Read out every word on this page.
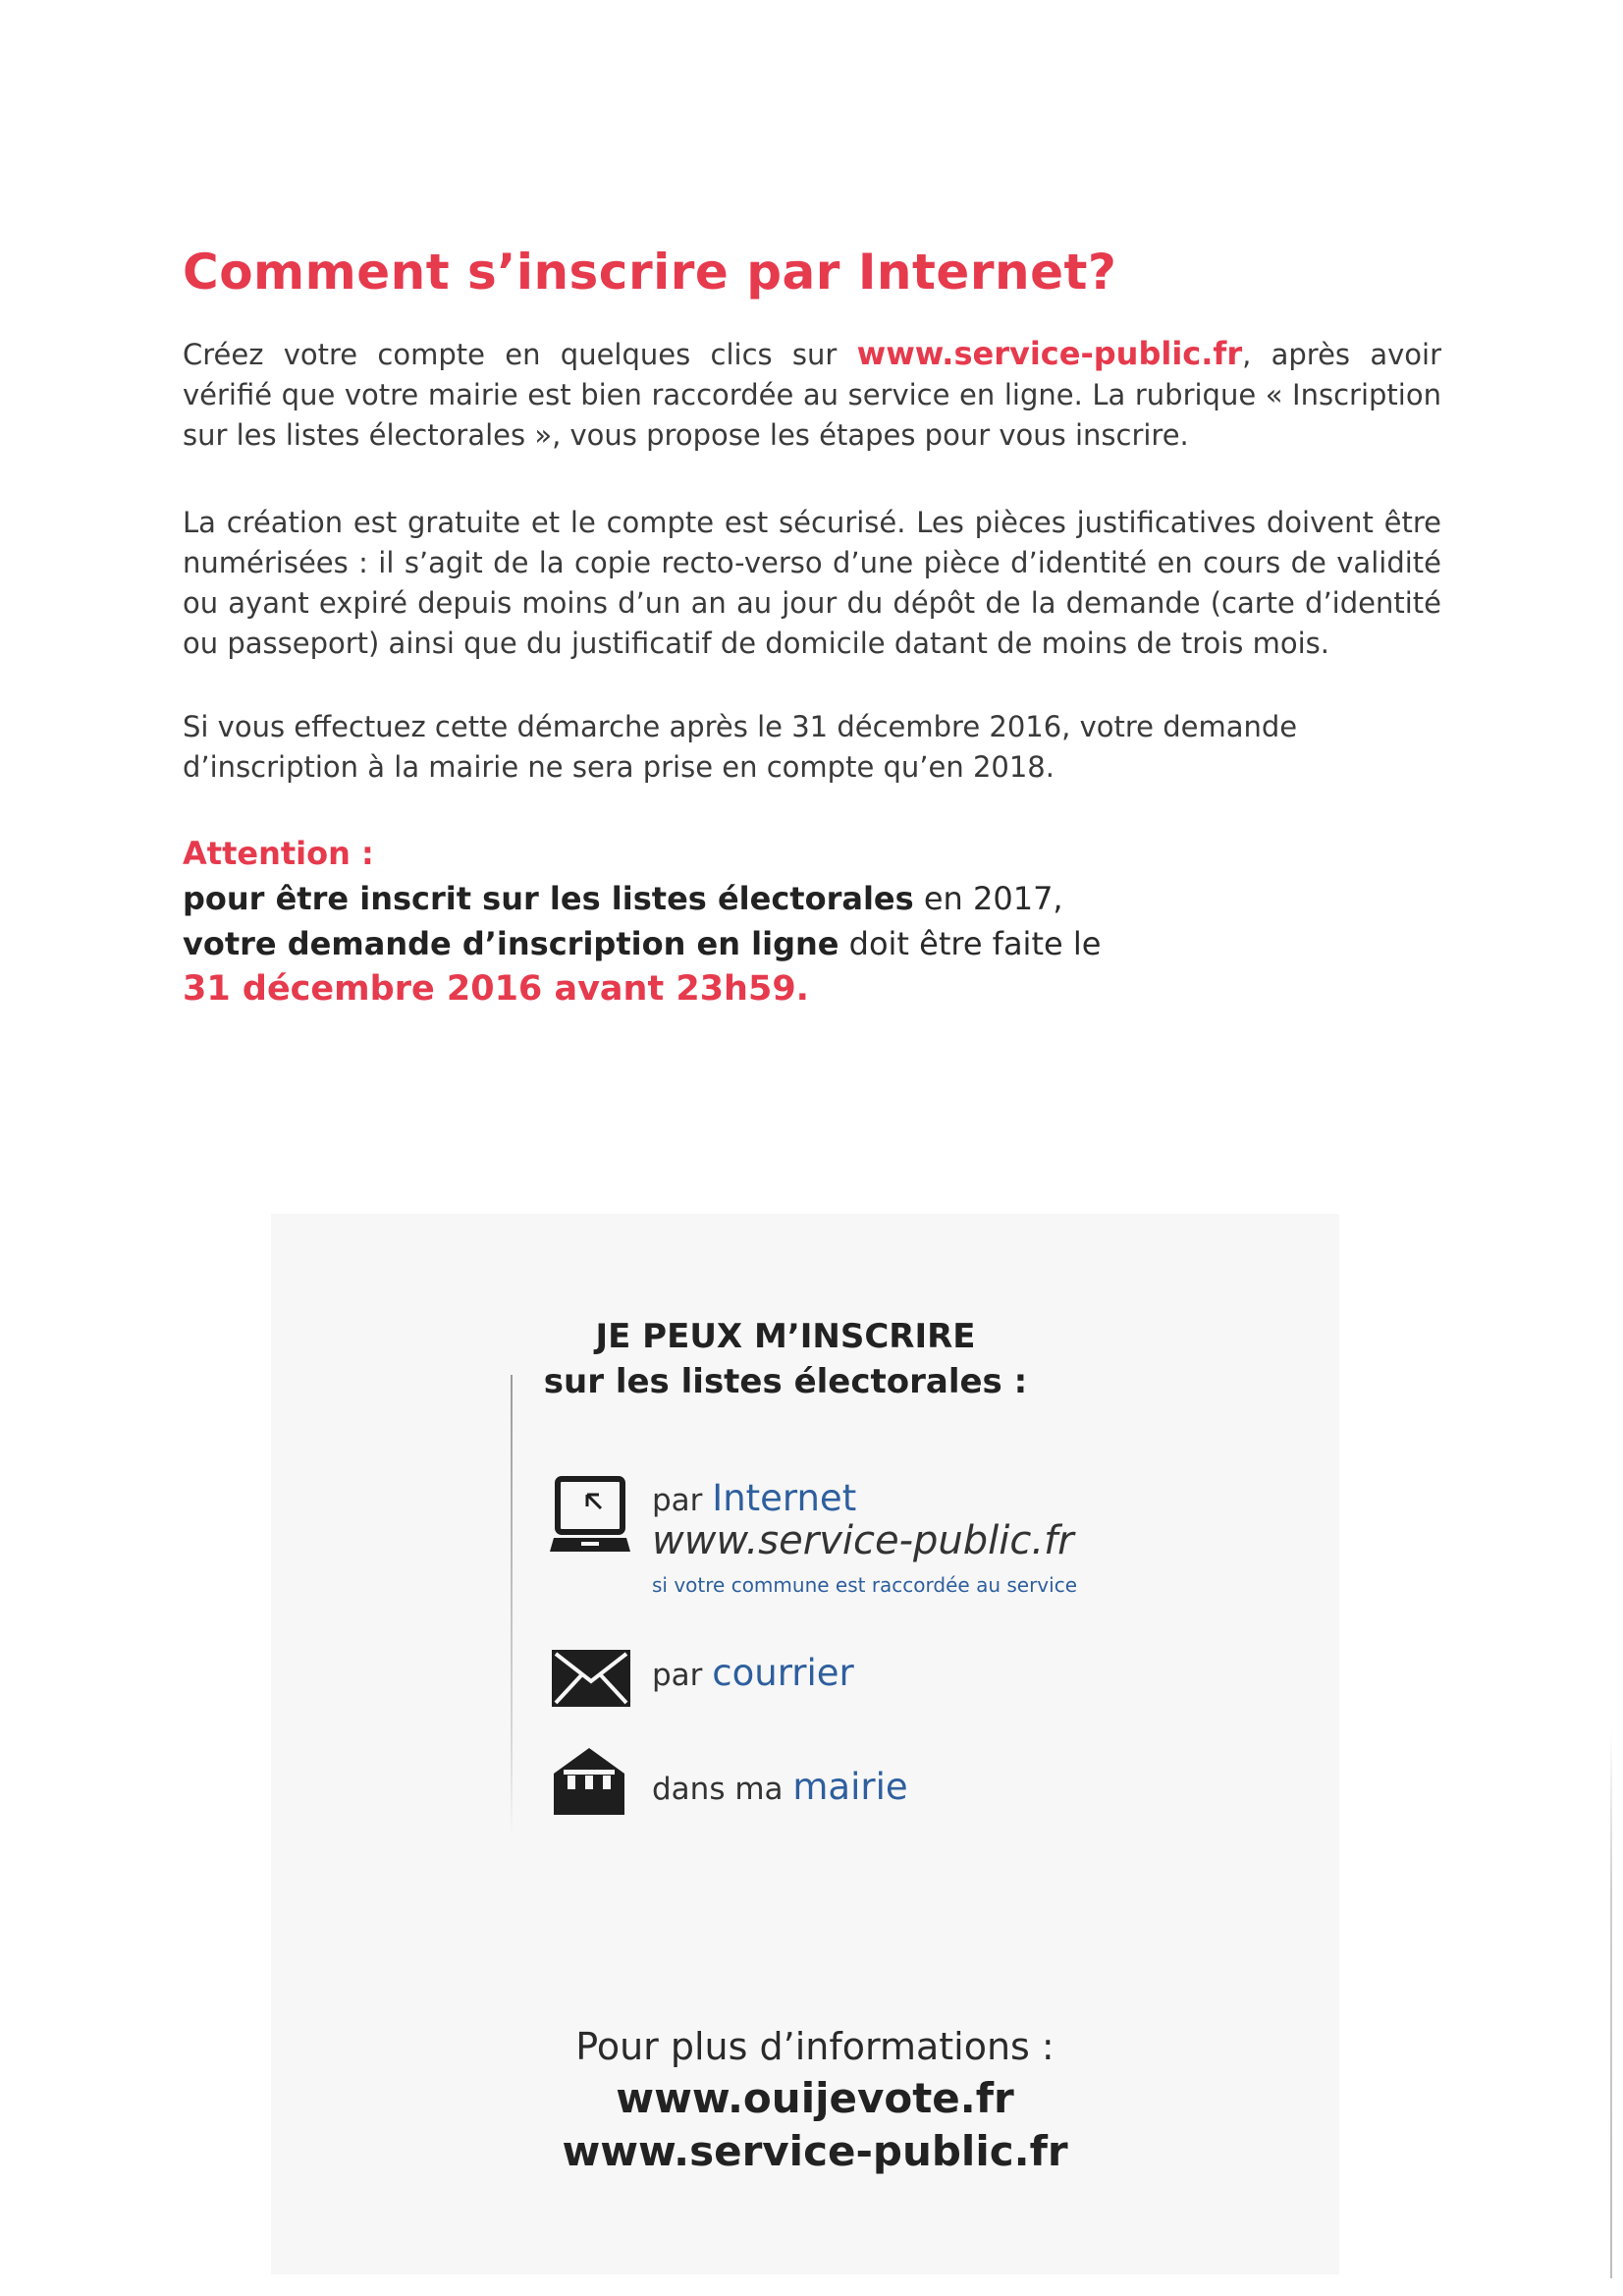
Comment s’inscrire par Internet?

Créez votre compte en quelques clics sur www.service-public.fr, après avoir vérifié que votre mairie est bien raccordée au service en ligne. La rubrique « Inscription sur les listes électorales », vous propose les étapes pour vous inscrire.

La création est gratuite et le compte est sécurisé. Les pièces justificatives doivent être numérisées : il s’agit de la copie recto-verso d’une pièce d’identité en cours de validité ou ayant expiré depuis moins d’un an au jour du dépôt de la demande (carte d’identité ou passeport) ainsi que du justificatif de domicile datant de moins de trois mois.

Si vous effectuez cette démarche après le 31 décembre 2016, votre demande d’inscription à la mairie ne sera prise en compte qu’en 2018.

Attention :
pour être inscrit sur les listes électorales en 2017,
votre demande d’inscription en ligne doit être faite le
31 décembre 2016 avant 23h59.
JE PEUX M’INSCRIRE
sur les listes électorales :
par Internet
www.service-public.fr
si votre commune est raccordée au service
par courrier
dans ma mairie
Pour plus d’informations :
www.ouijevote.fr
www.service-public.fr
